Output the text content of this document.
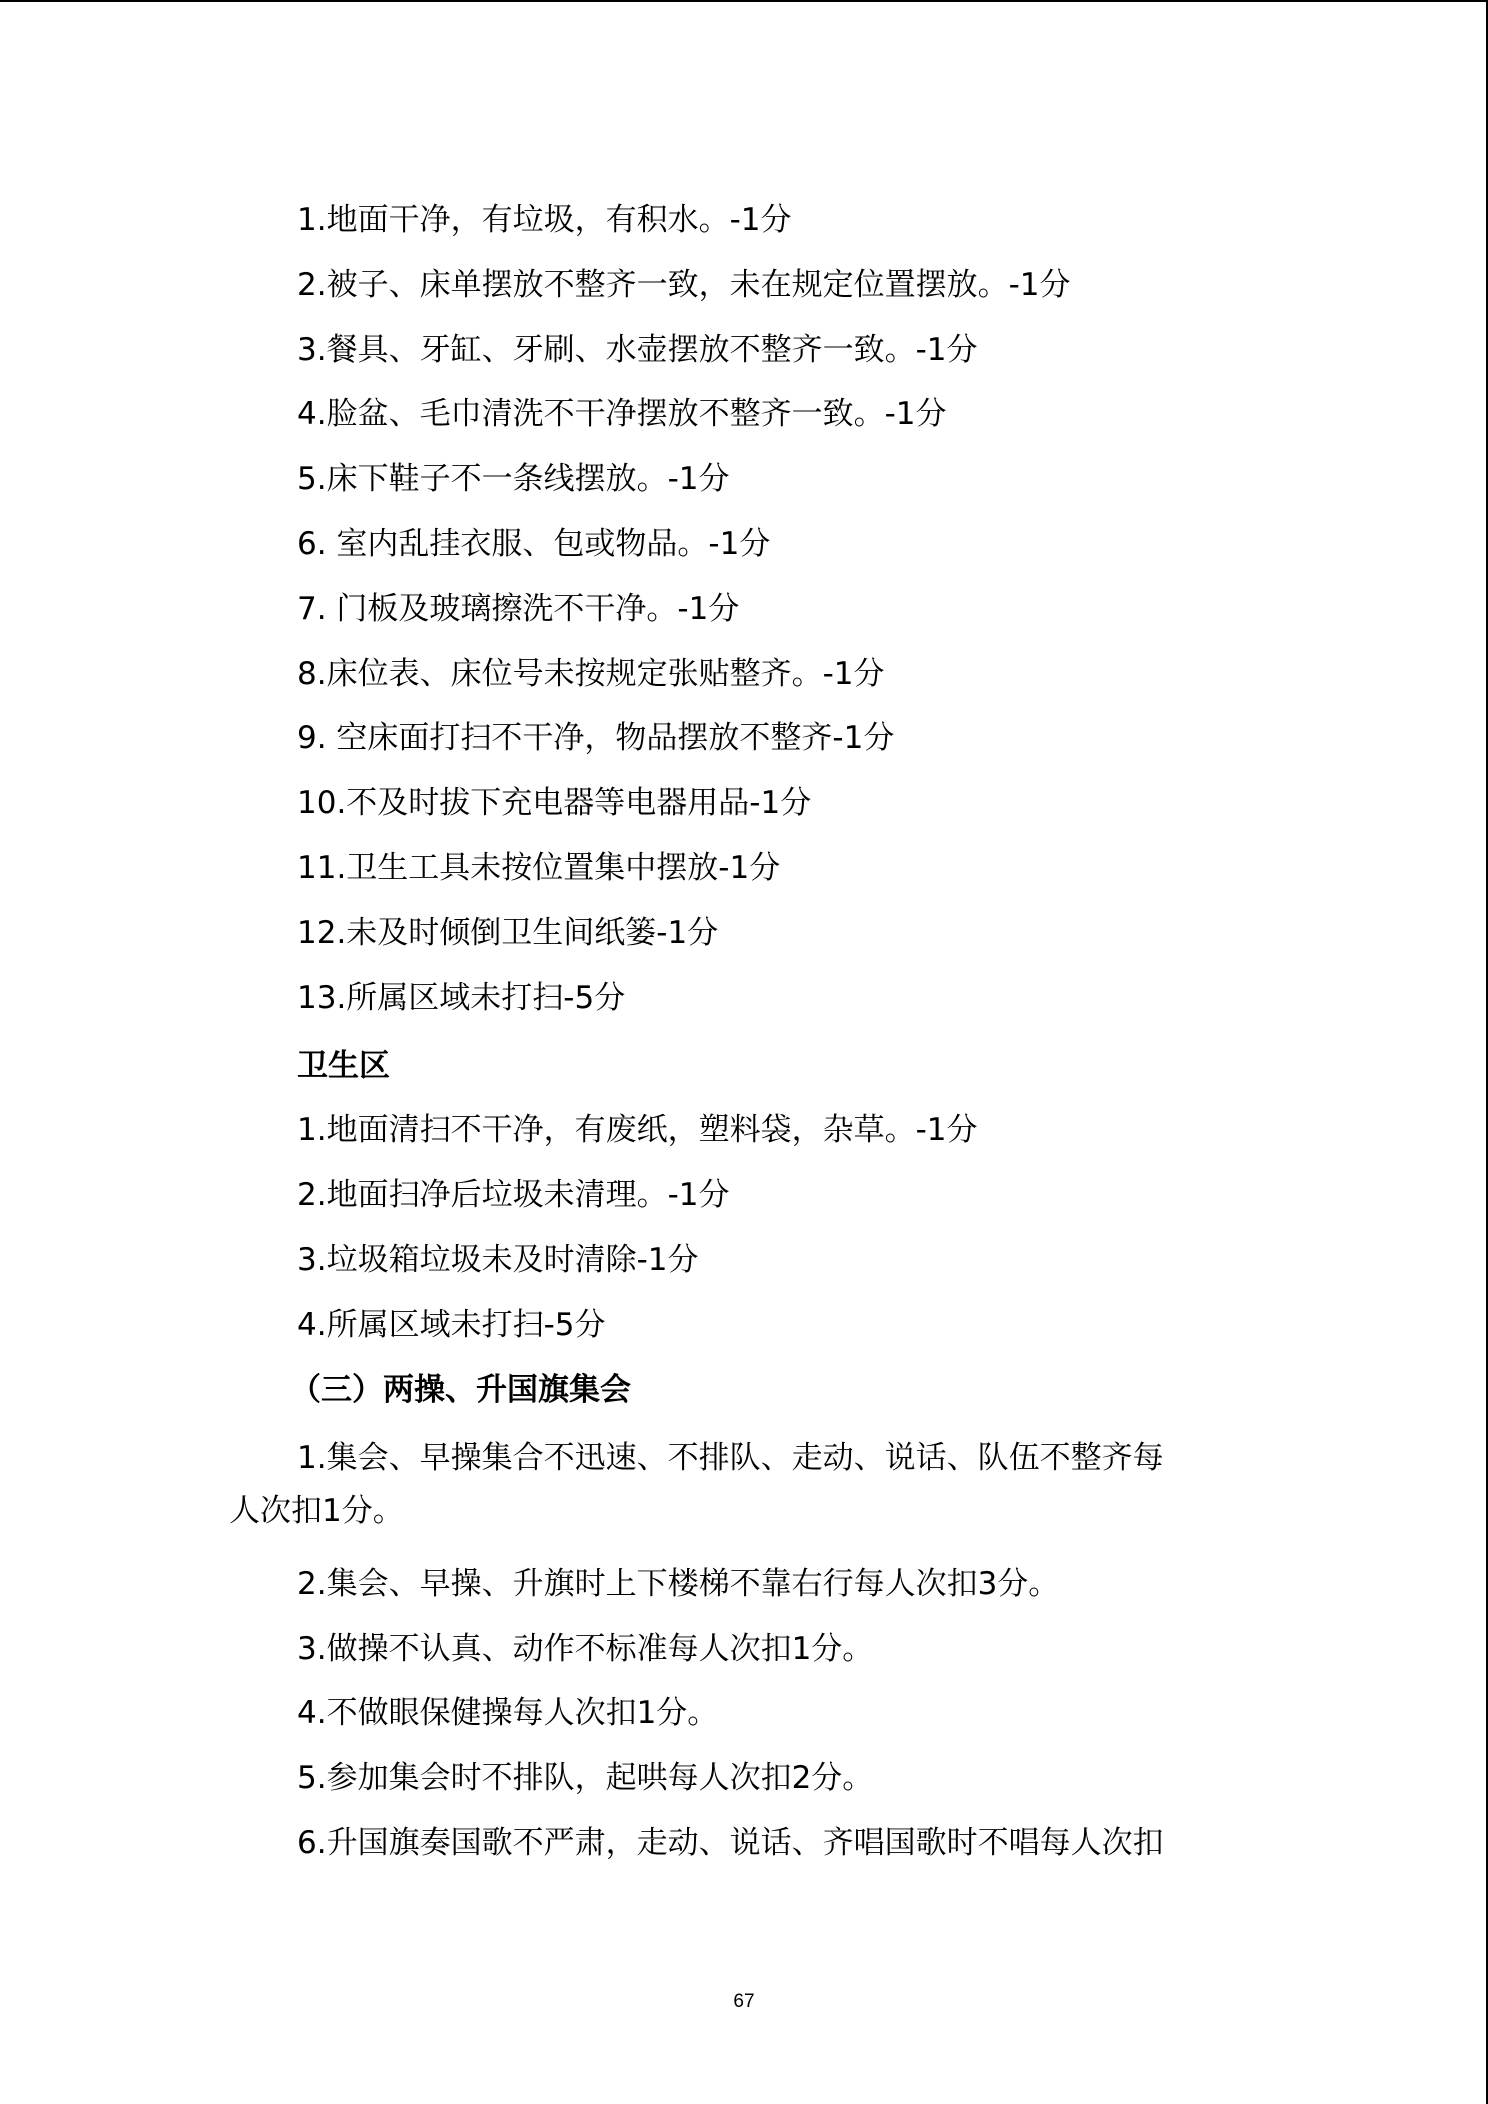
1.地面干净，有垃圾，有积水。-1分
2.被子、床单摆放不整齐一致，未在规定位置摆放。-1分
3.餐具、牙缸、牙刷、水壶摆放不整齐一致。-1分
4.脸盆、毛巾清洗不干净摆放不整齐一致。-1分
5.床下鞋子不一条线摆放。-1分
6. 室内乱挂衣服、包或物品。-1分
7. 门板及玻璃擦洗不干净。-1分
8.床位表、床位号未按规定张贴整齐。-1分
9. 空床面打扫不干净，物品摆放不整齐-1分
10.不及时拔下充电器等电器用品-1分
11.卫生工具未按位置集中摆放-1分
12.未及时倾倒卫生间纸篓-1分
13.所属区域未打扫-5分
卫生区
1.地面清扫不干净，有废纸，塑料袋，杂草。-1分
2.地面扫净后垃圾未清理。-1分
3.垃圾箱垃圾未及时清除-1分
4.所属区域未打扫-5分
（三）两操、升国旗集会
1.集会、早操集合不迅速、不排队、走动、说话、队伍不整齐每
人次扣1分。
2.集会、早操、升旗时上下楼梯不靠右行每人次扣3分。
3.做操不认真、动作不标准每人次扣1分。
4.不做眼保健操每人次扣1分。
5.参加集会时不排队，起哄每人次扣2分。
6.升国旗奏国歌不严肃，走动、说话、齐唱国歌时不唱每人次扣
67
